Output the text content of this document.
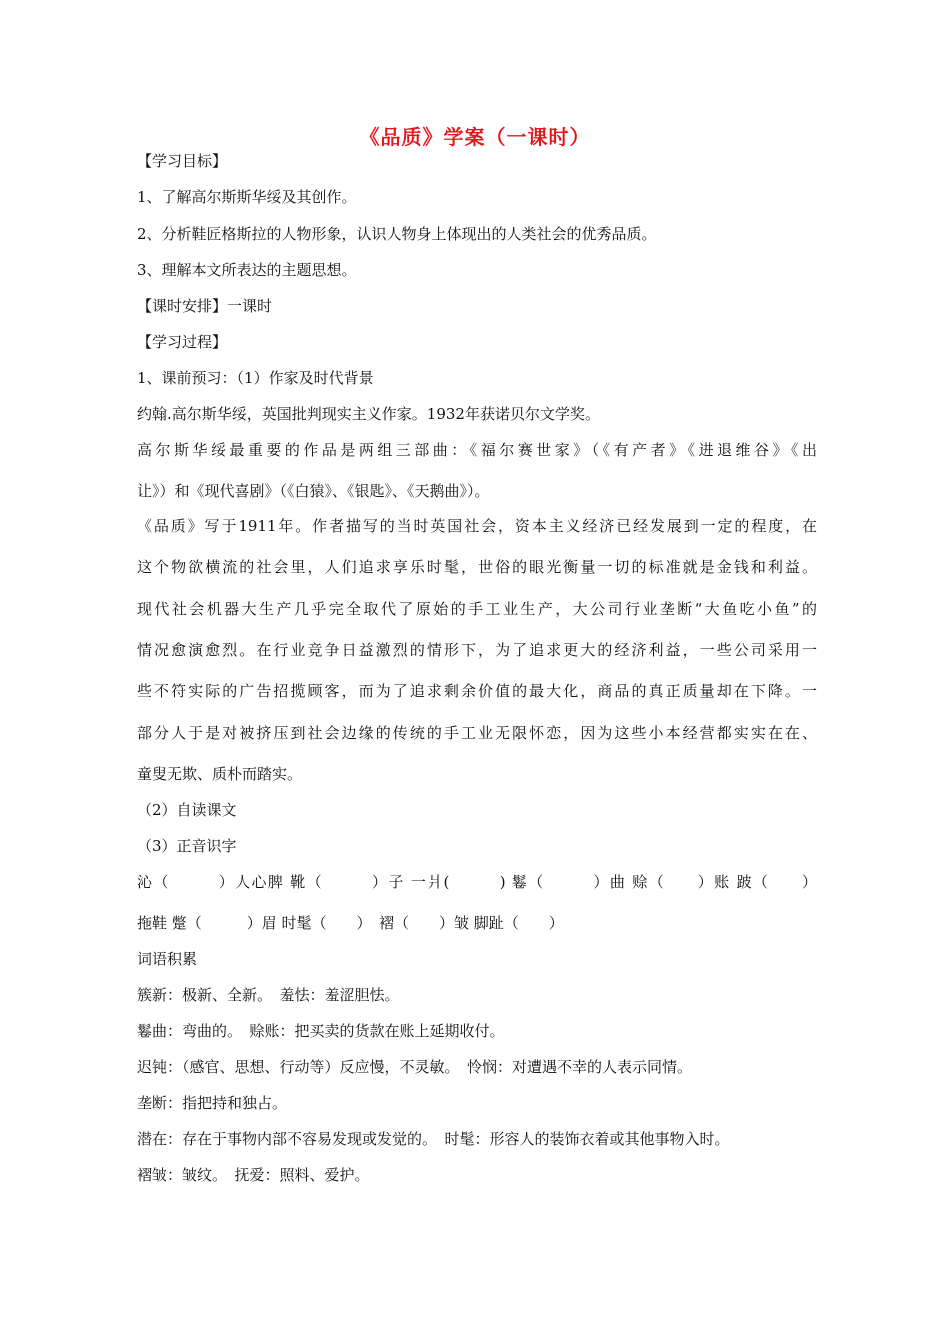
《品质》学案（一课时）
【学习目标】
1、了解高尔斯斯华绥及其创作。
2、分析鞋匠格斯拉的人物形象，认识人物身上体现出的人类社会的优秀品质。
3、理解本文所表达的主题思想。
【课时安排】一课时
【学习过程】
1、课前预习：（1）作家及时代背景
约翰.高尔斯华绥，英国批判现实主义作家。1932年获诺贝尔文学奖。
高尔斯华绥最重要的作品是两组三部曲：《福尔赛世家》（《有产者》《进退维谷》《出
让》）和《现代喜剧》（《白猿》、《银匙》、《天鹅曲》）。
《品质》写于1911年。作者描写的当时英国社会，资本主义经济已经发展到一定的程度，在
这个物欲横流的社会里，人们追求享乐时髦，世俗的眼光衡量一切的标准就是金钱和利益。
现代社会机器大生产几乎完全取代了原始的手工业生产，大公司行业垄断“大鱼吃小鱼”的
情况愈演愈烈。在行业竞争日益激烈的情形下，为了追求更大的经济利益，一些公司采用一
些不符实际的广告招揽顾客，而为了追求剩余价值的最大化，商品的真正质量却在下降。一
部分人于是对被挤压到社会边缘的传统的手工业无限怀恋，因为这些小本经营都实实在在、
童叟无欺、质朴而踏实。
（2）自读课文
（3）正音识字
沁（　　　）人心脾 靴（　　　）子 一爿(　　　) 鬈（　　　）曲 赊（　　）账 跛（　　）
拖鞋 蹩（　　　）眉 时髦（　　）　褶（　　）皱 脚趾（　　）
词语积累
簇新：极新、全新。　羞怯：羞涩胆怯。
鬈曲：弯曲的。　赊账：把买卖的货款在账上延期收付。
迟钝：（感官、思想、行动等）反应慢，不灵敏。　怜悯：对遭遇不幸的人表示同情。
垄断：指把持和独占。
潜在：存在于事物内部不容易发现或发觉的。　时髦：形容人的装饰衣着或其他事物入时。
褶皱：皱纹。　抚爱：照料、爱护。
